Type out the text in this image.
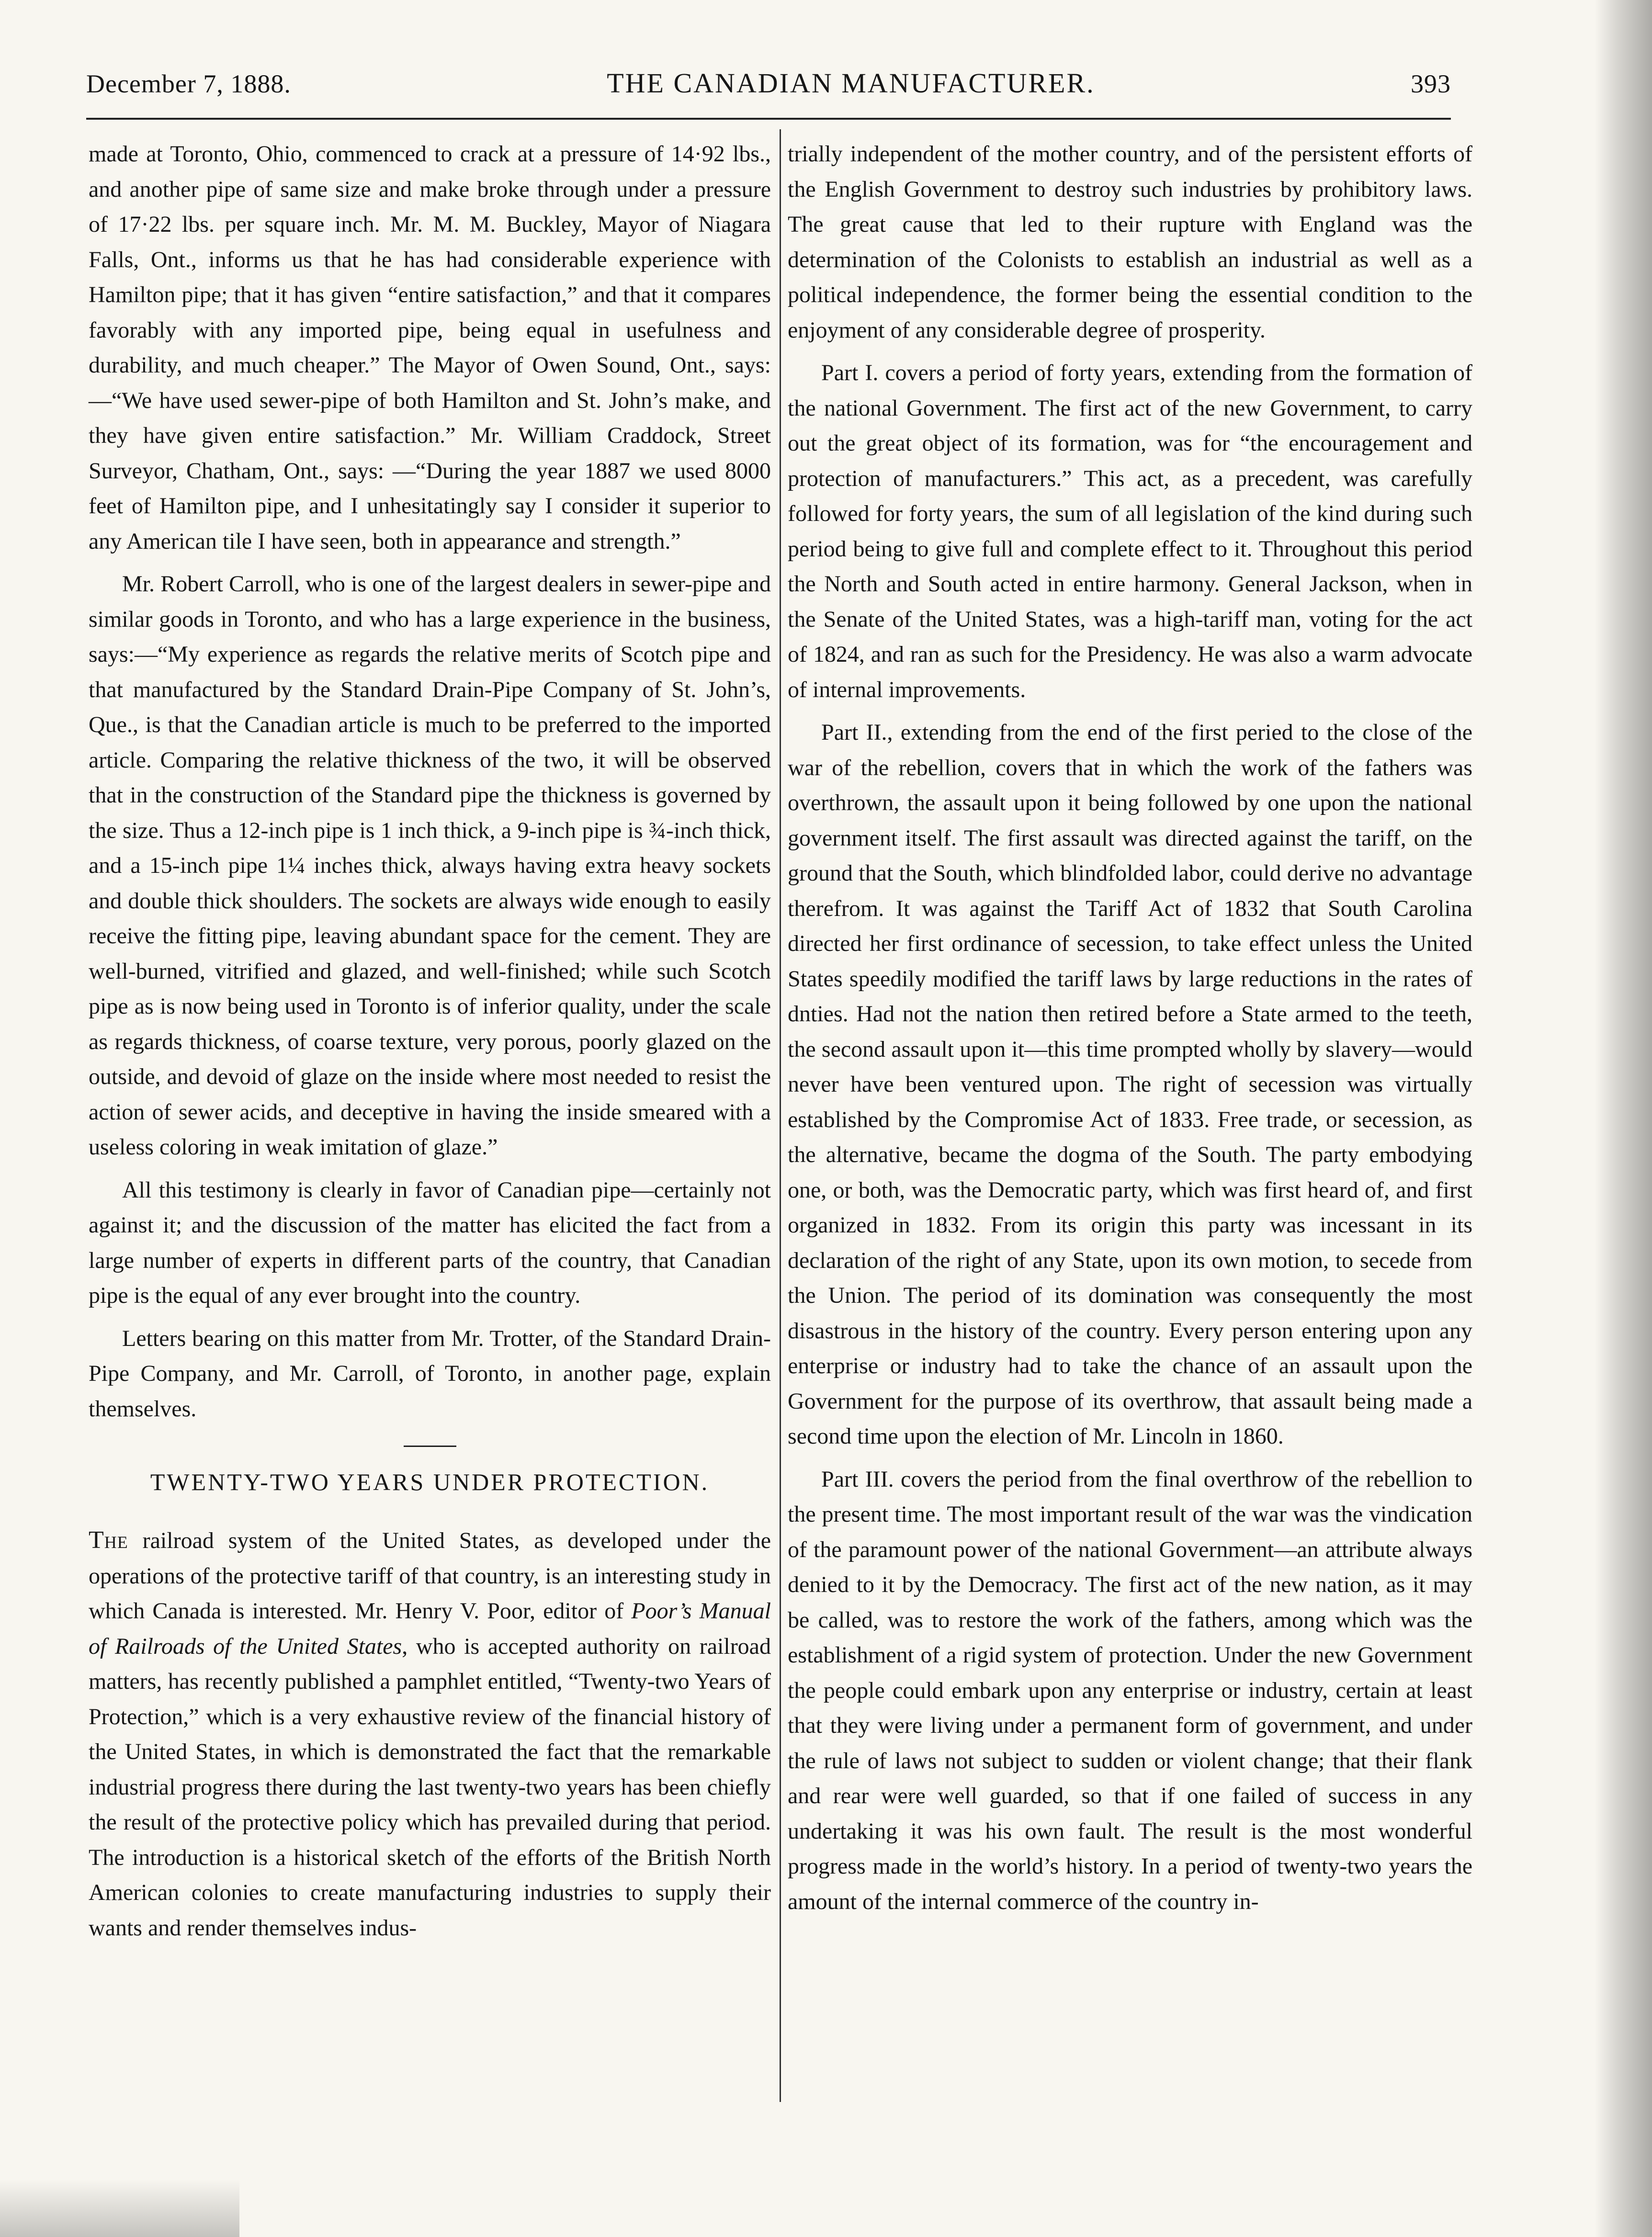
December 7, 1888.	THE CANADIAN MANUFACTURER.	393

made at Toronto, Ohio, commenced to crack at a pressure of 14·92 lbs., and another pipe of same size and make broke through under a pressure of 17·22 lbs. per square inch. Mr. M. M. Buckley, Mayor of Niagara Falls, Ont., informs us that he has had considerable experience with Hamilton pipe; that it has given “entire satisfaction,” and that it compares favorably with any imported pipe, being equal in usefulness and durability, and much cheaper.” The Mayor of Owen Sound, Ont., says:—“We have used sewer-pipe of both Hamilton and St. John’s make, and they have given entire satisfaction.” Mr. William Craddock, Street Surveyor, Chatham, Ont., says: —“During the year 1887 we used 8000 feet of Hamilton pipe, and I unhesitatingly say I consider it superior to any American tile I have seen, both in appearance and strength.”

Mr. Robert Carroll, who is one of the largest dealers in sewer-pipe and similar goods in Toronto, and who has a large experience in the business, says:—“My experience as regards the relative merits of Scotch pipe and that manufactured by the Standard Drain-Pipe Company of St. John’s, Que., is that the Canadian article is much to be preferred to the imported article. Comparing the relative thickness of the two, it will be observed that in the construction of the Standard pipe the thickness is governed by the size. Thus a 12-inch pipe is 1 inch thick, a 9-inch pipe is ¾-inch thick, and a 15-inch pipe 1¼ inches thick, always having extra heavy sockets and double thick shoulders. The sockets are always wide enough to easily receive the fitting pipe, leaving abundant space for the cement. They are well-burned, vitrified and glazed, and well-finished; while such Scotch pipe as is now being used in Toronto is of inferior quality, under the scale as regards thickness, of coarse texture, very porous, poorly glazed on the outside, and devoid of glaze on the inside where most needed to resist the action of sewer acids, and deceptive in having the inside smeared with a useless coloring in weak imitation of glaze.”

All this testimony is clearly in favor of Canadian pipe—certainly not against it; and the discussion of the matter has elicited the fact from a large number of experts in different parts of the country, that Canadian pipe is the equal of any ever brought into the country.

Letters bearing on this matter from Mr. Trotter, of the Standard Drain-Pipe Company, and Mr. Carroll, of Toronto, in another page, explain themselves.

TWENTY-TWO YEARS UNDER PROTECTION.

The railroad system of the United States, as developed under the operations of the protective tariff of that country, is an interesting study in which Canada is interested. Mr. Henry V. Poor, editor of Poor’s Manual of Railroads of the United States, who is accepted authority on railroad matters, has recently published a pamphlet entitled, “Twenty-two Years of Protection,” which is a very exhaustive review of the financial history of the United States, in which is demonstrated the fact that the remarkable industrial progress there during the last twenty-two years has been chiefly the result of the protective policy which has prevailed during that period. The introduction is a historical sketch of the efforts of the British North American colonies to create manufacturing industries to supply their wants and render themselves indus-

trially independent of the mother country, and of the persistent efforts of the English Government to destroy such industries by prohibitory laws. The great cause that led to their rupture with England was the determination of the Colonists to establish an industrial as well as a political independence, the former being the essential condition to the enjoyment of any considerable degree of prosperity.

Part I. covers a period of forty years, extending from the formation of the national Government. The first act of the new Government, to carry out the great object of its formation, was for “the encouragement and protection of manufacturers.” This act, as a precedent, was carefully followed for forty years, the sum of all legislation of the kind during such period being to give full and complete effect to it. Throughout this period the North and South acted in entire harmony. General Jackson, when in the Senate of the United States, was a high-tariff man, voting for the act of 1824, and ran as such for the Presidency. He was also a warm advocate of internal improvements.

Part II., extending from the end of the first peried to the close of the war of the rebellion, covers that in which the work of the fathers was overthrown, the assault upon it being followed by one upon the national government itself. The first assault was directed against the tariff, on the ground that the South, which blindfolded labor, could derive no advantage therefrom. It was against the Tariff Act of 1832 that South Carolina directed her first ordinance of secession, to take effect unless the United States speedily modified the tariff laws by large reductions in the rates of dnties. Had not the nation then retired before a State armed to the teeth, the second assault upon it—this time prompted wholly by slavery—would never have been ventured upon. The right of secession was virtually established by the Compromise Act of 1833. Free trade, or secession, as the alternative, became the dogma of the South. The party embodying one, or both, was the Democratic party, which was first heard of, and first organized in 1832. From its origin this party was incessant in its declaration of the right of any State, upon its own motion, to secede from the Union. The period of its domination was consequently the most disastrous in the history of the country. Every person entering upon any enterprise or industry had to take the chance of an assault upon the Government for the purpose of its overthrow, that assault being made a second time upon the election of Mr. Lincoln in 1860.

Part III. covers the period from the final overthrow of the rebellion to the present time. The most important result of the war was the vindication of the paramount power of the national Government—an attribute always denied to it by the Democracy. The first act of the new nation, as it may be called, was to restore the work of the fathers, among which was the establishment of a rigid system of protection. Under the new Government the people could embark upon any enterprise or industry, certain at least that they were living under a permanent form of government, and under the rule of laws not subject to sudden or violent change; that their flank and rear were well guarded, so that if one failed of success in any undertaking it was his own fault. The result is the most wonderful progress made in the world’s history. In a period of twenty-two years the amount of the internal commerce of the country in-
